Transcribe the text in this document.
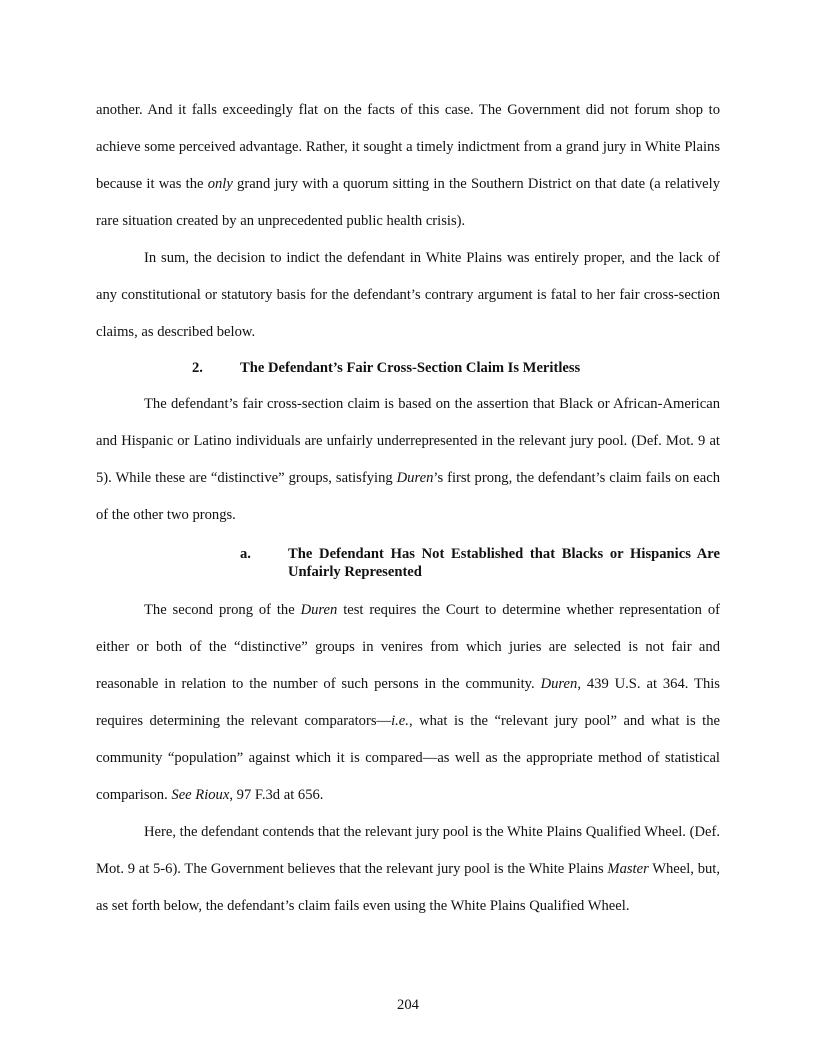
another. And it falls exceedingly flat on the facts of this case. The Government did not forum shop to achieve some perceived advantage. Rather, it sought a timely indictment from a grand jury in White Plains because it was the only grand jury with a quorum sitting in the Southern District on that date (a relatively rare situation created by an unprecedented public health crisis).

In sum, the decision to indict the defendant in White Plains was entirely proper, and the lack of any constitutional or statutory basis for the defendant’s contrary argument is fatal to her fair cross-section claims, as described below.

2.	The Defendant’s Fair Cross-Section Claim Is Meritless

The defendant’s fair cross-section claim is based on the assertion that Black or African-American and Hispanic or Latino individuals are unfairly underrepresented in the relevant jury pool. (Def. Mot. 9 at 5). While these are “distinctive” groups, satisfying Duren’s first prong, the defendant’s claim fails on each of the other two prongs.

a.	The Defendant Has Not Established that Blacks or Hispanics Are Unfairly Represented

The second prong of the Duren test requires the Court to determine whether representation of either or both of the “distinctive” groups in venires from which juries are selected is not fair and reasonable in relation to the number of such persons in the community. Duren, 439 U.S. at 364. This requires determining the relevant comparators—i.e., what is the “relevant jury pool” and what is the community “population” against which it is compared—as well as the appropriate method of statistical comparison. See Rioux, 97 F.3d at 656.

Here, the defendant contends that the relevant jury pool is the White Plains Qualified Wheel. (Def. Mot. 9 at 5-6). The Government believes that the relevant jury pool is the White Plains Master Wheel, but, as set forth below, the defendant’s claim fails even using the White Plains Qualified Wheel.

204
